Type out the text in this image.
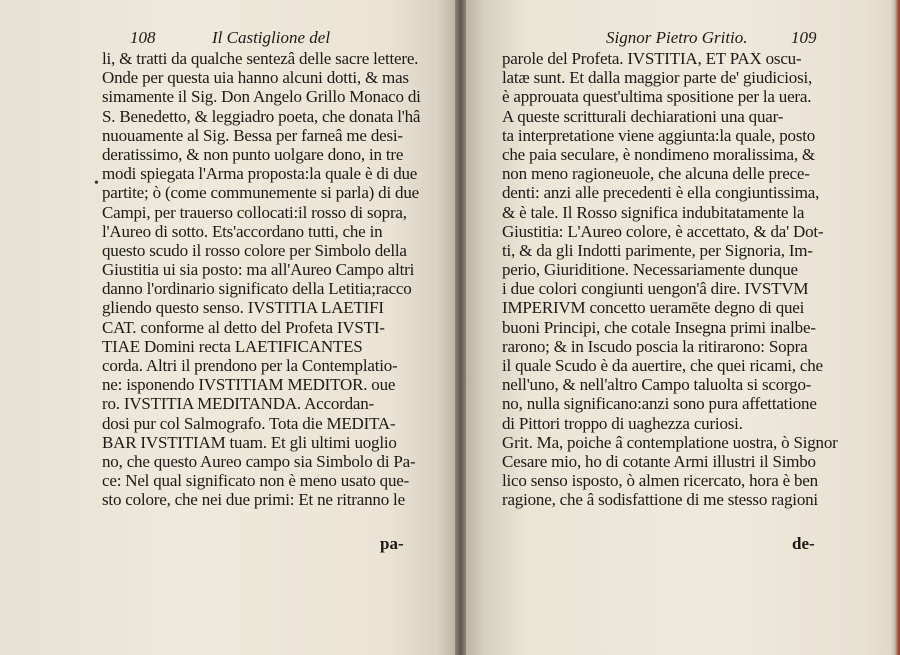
108	Il Castiglione del
li, & tratti da qualche sentezâ delle sacre lettere.
Onde per questa uia hanno alcuni dotti, & mas
simamente il Sig. Don Angelo Grillo Monaco di
S. Benedetto, & leggiadro poeta, che donata l'hâ
nuouamente al Sig. Bessa per farneâ me desi-
deratissimo, & non punto uolgare dono, in tre
modi spiegata l'Arma proposta:la quale è di due
partite; ò (come communemente si parla) di due
Campi, per trauerso collocati:il rosso di sopra,
l'Aureo di sotto. Ets'accordano tutti, che in
questo scudo il rosso colore per Simbolo della
Giustitia ui sia posto: ma all'Aureo Campo altri
danno l'ordinario significato della Letitia;racco
gliendo questo senso. IVSTITIA LAETIFI
CAT. conforme al detto del Profeta IVSTI-
TIAE Domini recta LAETIFICANTES
corda. Altri il prendono per la Contemplatio-
ne: isponendo IVSTITIAM MEDITOR. oue
ro. IVSTITIA MEDITANDA. Accordan-
dosi pur col Salmografo. Tota die MEDITA-
BAR IVSTITIAM tuam. Et gli ultimi uoglio
no, che questo Aureo campo sia Simbolo di Pa-
ce: Nel qual significato non è meno usato que-
sto colore, che nei due primi: Et ne ritranno le
•
pa-
Signor Pietro Gritio.	109
parole del Profeta. IVSTITIA, ET PAX oscu-
latæ sunt. Et dalla maggior parte de' giudiciosi,
è approuata quest'ultima spositione per la uera.
A queste scritturali dechiarationi una quar-
ta interpretatione viene aggiunta:la quale, posto
che paia seculare, è nondimeno moralissima, &
non meno ragioneuole, che alcuna delle prece-
denti: anzi alle precedenti è ella congiuntissima,
& è tale. Il Rosso significa indubitatamente la
Giustitia: L'Aureo colore, è accettato, & da' Dot-
ti, & da gli Indotti parimente, per Signoria, Im-
perio, Giuriditione. Necessariamente dunque
i due colori congiunti uengon'â dire. IVSTVM
IMPERIVM concetto ueramēte degno di quei
buoni Principi, che cotale Insegna primi inalbe-
rarono; & in Iscudo poscia la ritirarono: Sopra
il quale Scudo è da auertire, che quei ricami, che
nell'uno, & nell'altro Campo taluolta si scorgo-
no, nulla significano:anzi sono pura affettatione
di Pittori troppo di uaghezza curiosi.
Grit. Ma, poiche â contemplatione uostra, ò Signor
Cesare mio, ho di cotante Armi illustri il Simbo
lico senso isposto, ò almen ricercato, hora è ben
ragione, che â sodisfattione di me stesso ragioni
de-
